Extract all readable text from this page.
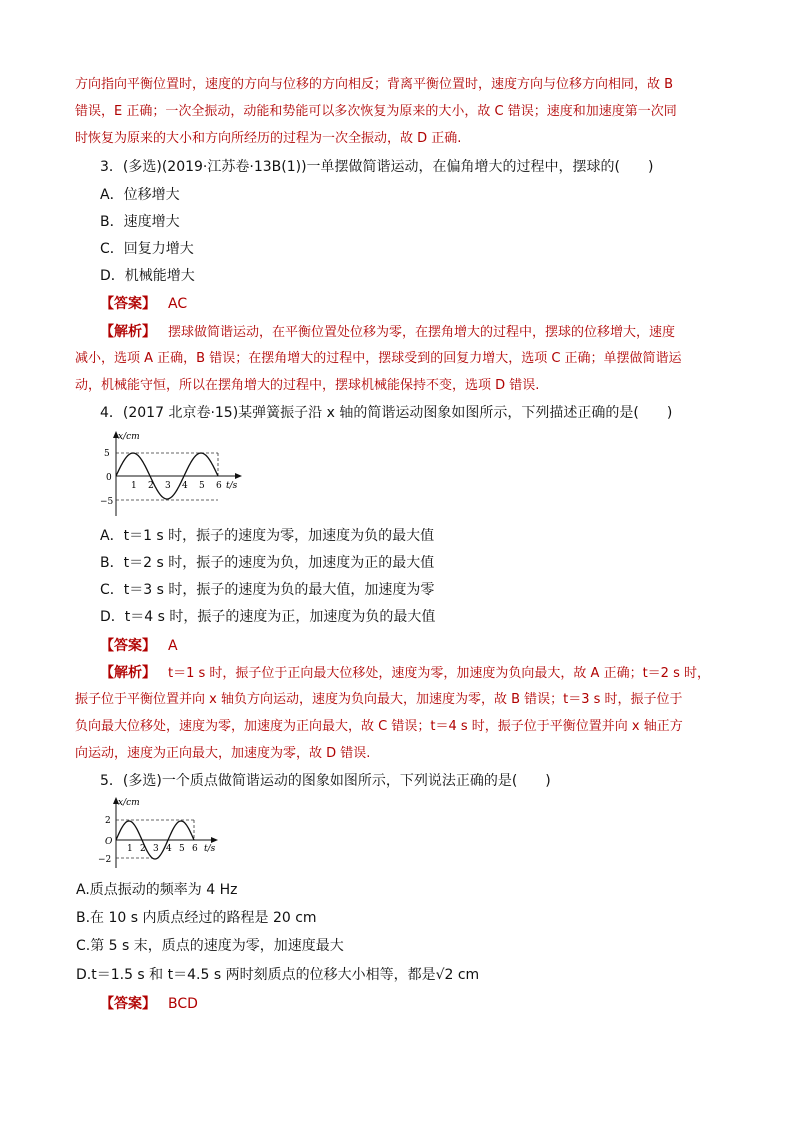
方向指向平衡位置时，速度的方向与位移的方向相反；背离平衡位置时，速度方向与位移方向相同，故 B
错误，E 正确；一次全振动，动能和势能可以多次恢复为原来的大小，故 C 错误；速度和加速度第一次同
时恢复为原来的大小和方向所经历的过程为一次全振动，故 D 正确.
3．(多选)(2019·江苏卷·13B(1))一单摆做简谐运动，在偏角增大的过程中，摆球的(　　)
A．位移增大
B．速度增大
C．回复力增大
D．机械能增大
【答案】 AC
【解析】 摆球做简谐运动，在平衡位置处位移为零，在摆角增大的过程中，摆球的位移增大，速度
减小，选项 A 正确，B 错误；在摆角增大的过程中，摆球受到的回复力增大，选项 C 正确；单摆做简谐运
动，机械能守恒，所以在摆角增大的过程中，摆球机械能保持不变，选项 D 错误.
4．(2017 北京卷·15)某弹簧振子沿 x 轴的简谐运动图象如图所示，下列描述正确的是(　　)
x/cm
5
0
−5
1 2 3 4 5 6 t/s
A．t＝1 s 时，振子的速度为零，加速度为负的最大值
B．t＝2 s 时，振子的速度为负，加速度为正的最大值
C．t＝3 s 时，振子的速度为负的最大值，加速度为零
D．t＝4 s 时，振子的速度为正，加速度为负的最大值
【答案】 A
【解析】 t＝1 s 时，振子位于正向最大位移处，速度为零，加速度为负向最大，故 A 正确；t＝2 s 时，
振子位于平衡位置并向 x 轴负方向运动，速度为负向最大，加速度为零，故 B 错误；t＝3 s 时，振子位于
负向最大位移处，速度为零，加速度为正向最大，故 C 错误；t＝4 s 时，振子位于平衡位置并向 x 轴正方
向运动，速度为正向最大，加速度为零，故 D 错误.
5．(多选)一个质点做简谐运动的图象如图所示，下列说法正确的是(　　)
x/cm
2
O
−2
1 2 3 4 5 6 t/s
A.质点振动的频率为 4 Hz
B.在 10 s 内质点经过的路程是 20 cm
C.第 5 s 末，质点的速度为零，加速度最大
D.t＝1.5 s 和 t＝4.5 s 两时刻质点的位移大小相等，都是√2 cm
【答案】 BCD
